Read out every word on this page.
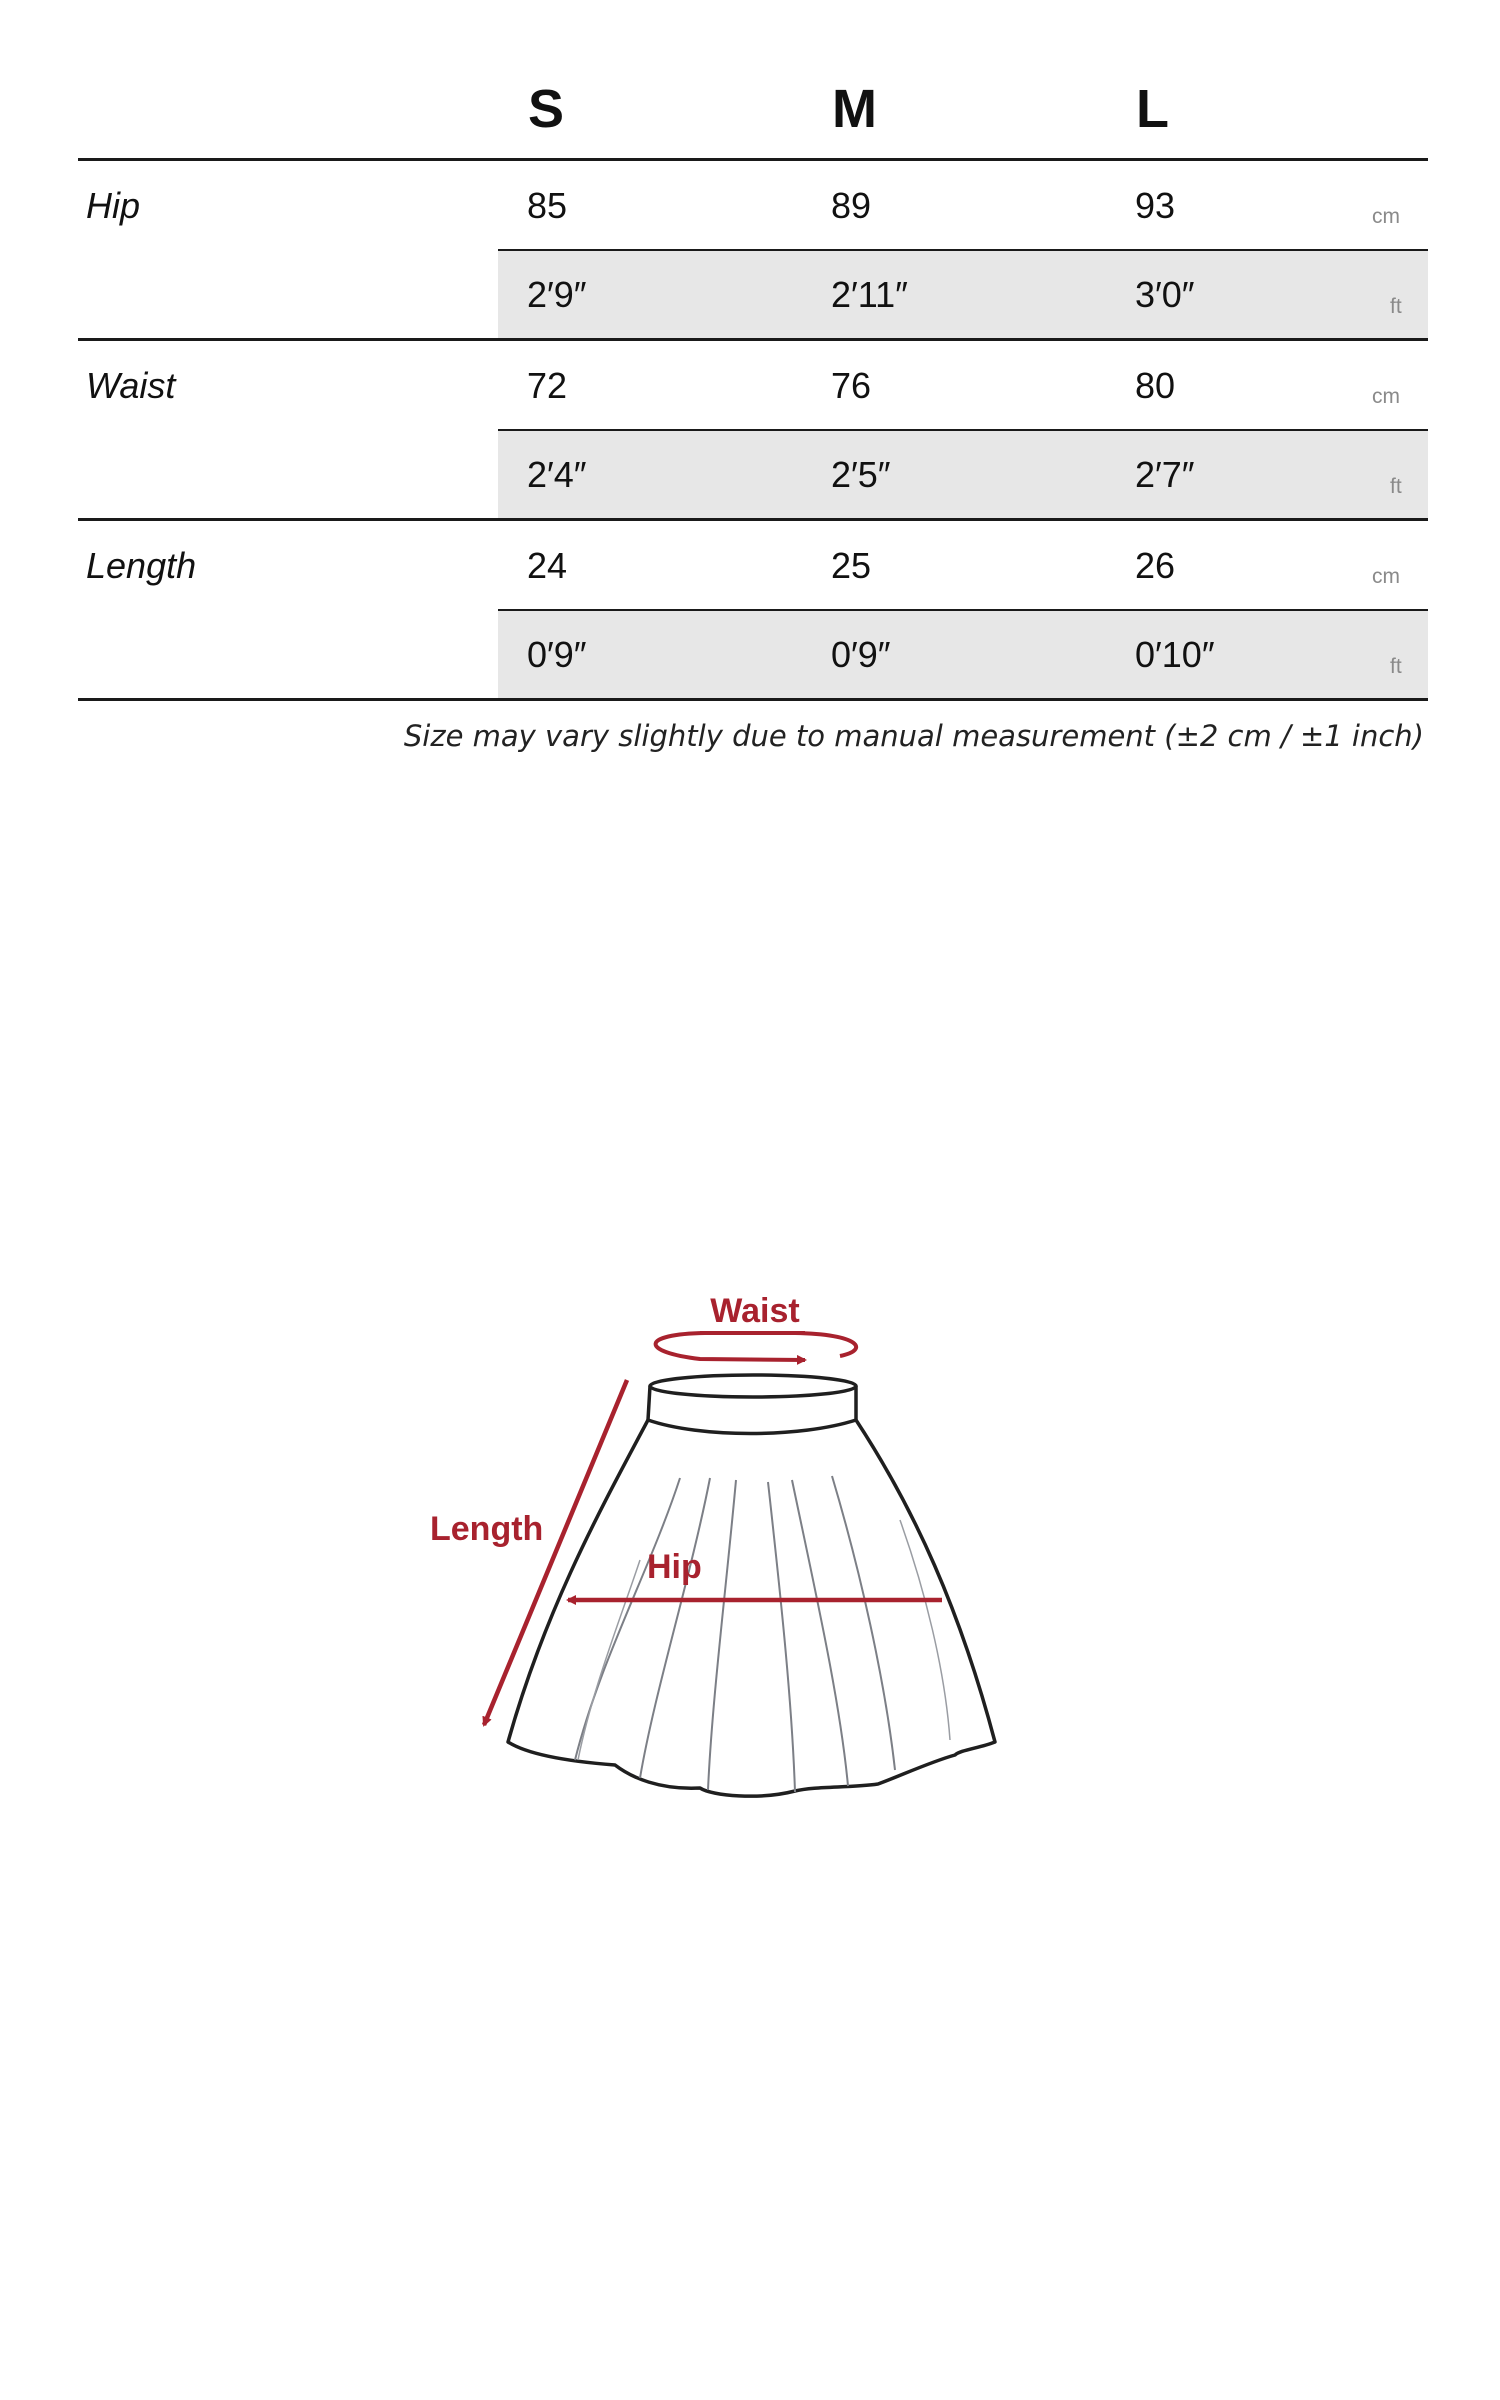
S	M	L
Hip	85	89	93	cm
2′9″	2′11″	3′0″	ft
Waist	72	76	80	cm
2′4″	2′5″	2′7″	ft
Length	24	25	26	cm
0′9″	0′9″	0′10″	ft
Size may vary slightly due to manual measurement (±2 cm / ±1 inch)
Waist
Length
Hip
